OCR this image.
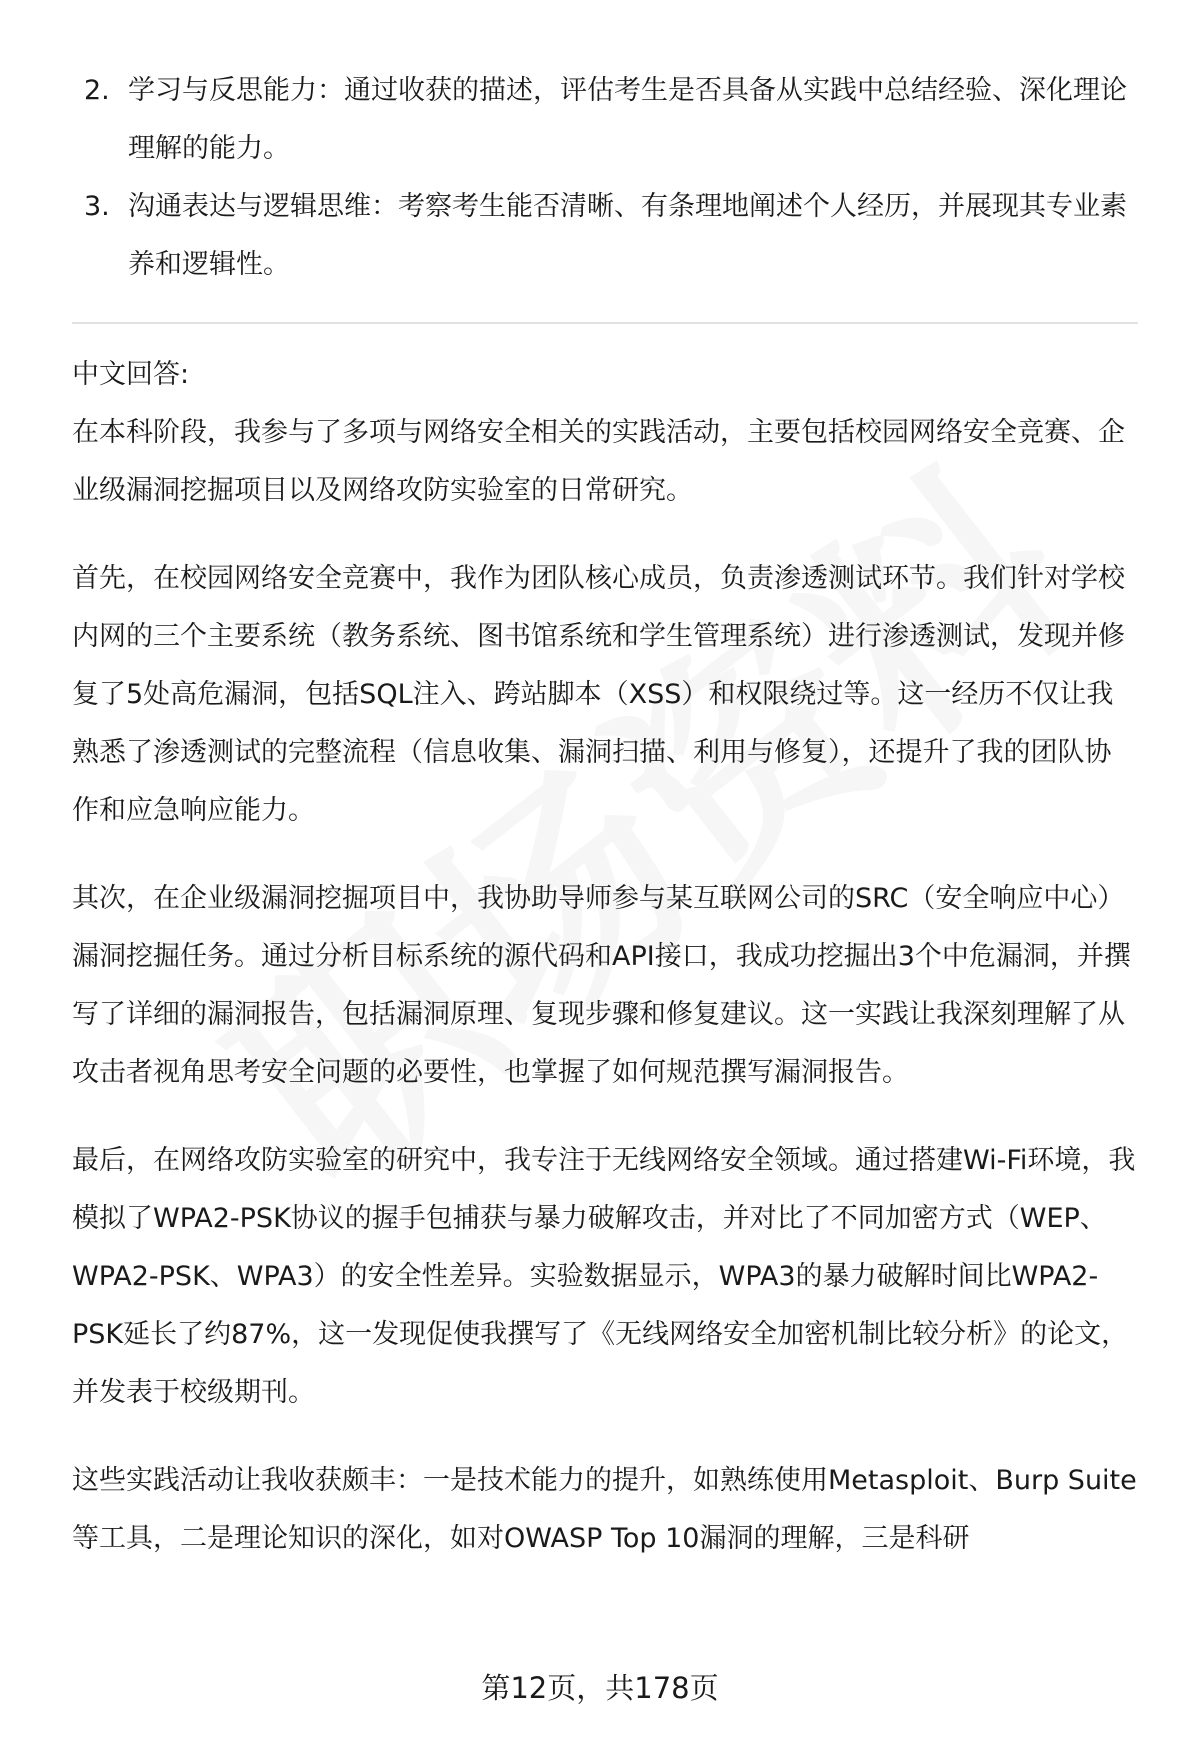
2. 学习与反思能力：通过收获的描述，评估考生是否具备从实践中总结经验、深化理论理解的能力。
3. 沟通表达与逻辑思维：考察考生能否清晰、有条理地阐述个人经历，并展现其专业素养和逻辑性。

中文回答:

在本科阶段，我参与了多项与网络安全相关的实践活动，主要包括校园网络安全竞赛、企业级漏洞挖掘项目以及网络攻防实验室的日常研究。

首先，在校园网络安全竞赛中，我作为团队核心成员，负责渗透测试环节。我们针对学校内网的三个主要系统（教务系统、图书馆系统和学生管理系统）进行渗透测试，发现并修复了5处高危漏洞，包括SQL注入、跨站脚本（XSS）和权限绕过等。这一经历不仅让我熟悉了渗透测试的完整流程（信息收集、漏洞扫描、利用与修复），还提升了我的团队协作和应急响应能力。

其次，在企业级漏洞挖掘项目中，我协助导师参与某互联网公司的SRC（安全响应中心）漏洞挖掘任务。通过分析目标系统的源代码和API接口，我成功挖掘出3个中危漏洞，并撰写了详细的漏洞报告，包括漏洞原理、复现步骤和修复建议。这一实践让我深刻理解了从攻击者视角思考安全问题的必要性，也掌握了如何规范撰写漏洞报告。

最后，在网络攻防实验室的研究中，我专注于无线网络安全领域。通过搭建Wi-Fi环境，我模拟了WPA2-PSK协议的握手包捕获与暴力破解攻击，并对比了不同加密方式（WEP、WPA2-PSK、WPA3）的安全性差异。实验数据显示，WPA3的暴力破解时间比WPA2-PSK延长了约87%，这一发现促使我撰写了《无线网络安全加密机制比较分析》的论文，并发表于校级期刊。

这些实践活动让我收获颇丰：一是技术能力的提升，如熟练使用Metasploit、Burp Suite等工具，二是理论知识的深化，如对OWASP Top 10漏洞的理解，三是科研

第12页，共178页
